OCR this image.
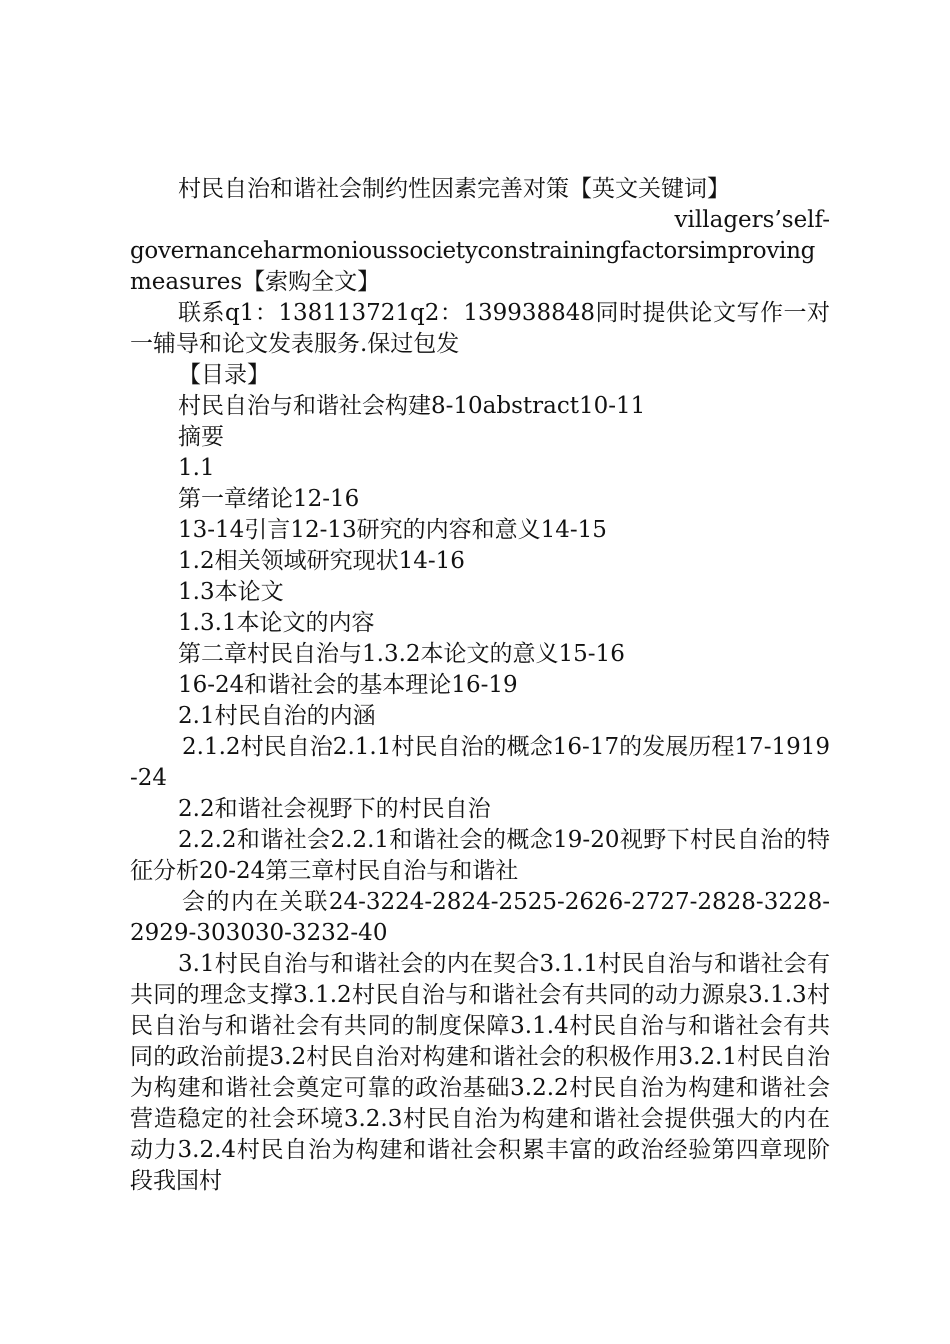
村民自治和谐社会制约性因素完善对策【英文关键词】

villagers’self-

governanceharmonioussocietyconstrainingfactorsimproving

measures【索购全文】

联系q1：138113721q2：139938848同时提供论文写作一对一辅导和论文发表服务.保过包发

【目录】

村民自治与和谐社会构建8-10abstract10-11

摘要

1.1

第一章绪论12-16

13-14引言12-13研究的内容和意义14-15

1.2相关领域研究现状14-16

1.3本论文

1.3.1本论文的内容

第二章村民自治与1.3.2本论文的意义15-16

16-24和谐社会的基本理论16-19

2.1村民自治的内涵

2.1.2村民自治2.1.1村民自治的概念16-17的发展历程17-1919-24

2.2和谐社会视野下的村民自治

2.2.2和谐社会2.2.1和谐社会的概念19-20视野下村民自治的特征分析20-24第三章村民自治与和谐社

会的内在关联24-3224-2824-2525-2626-2727-2828-3228-2929-303030-3232-40

3.1村民自治与和谐社会的内在契合3.1.1村民自治与和谐社会有共同的理念支撑3.1.2村民自治与和谐社会有共同的动力源泉3.1.3村民自治与和谐社会有共同的制度保障3.1.4村民自治与和谐社会有共同的政治前提3.2村民自治对构建和谐社会的积极作用3.2.1村民自治为构建和谐社会奠定可靠的政治基础3.2.2村民自治为构建和谐社会营造稳定的社会环境3.2.3村民自治为构建和谐社会提供强大的内在动力3.2.4村民自治为构建和谐社会积累丰富的政治经验第四章现阶段我国村
